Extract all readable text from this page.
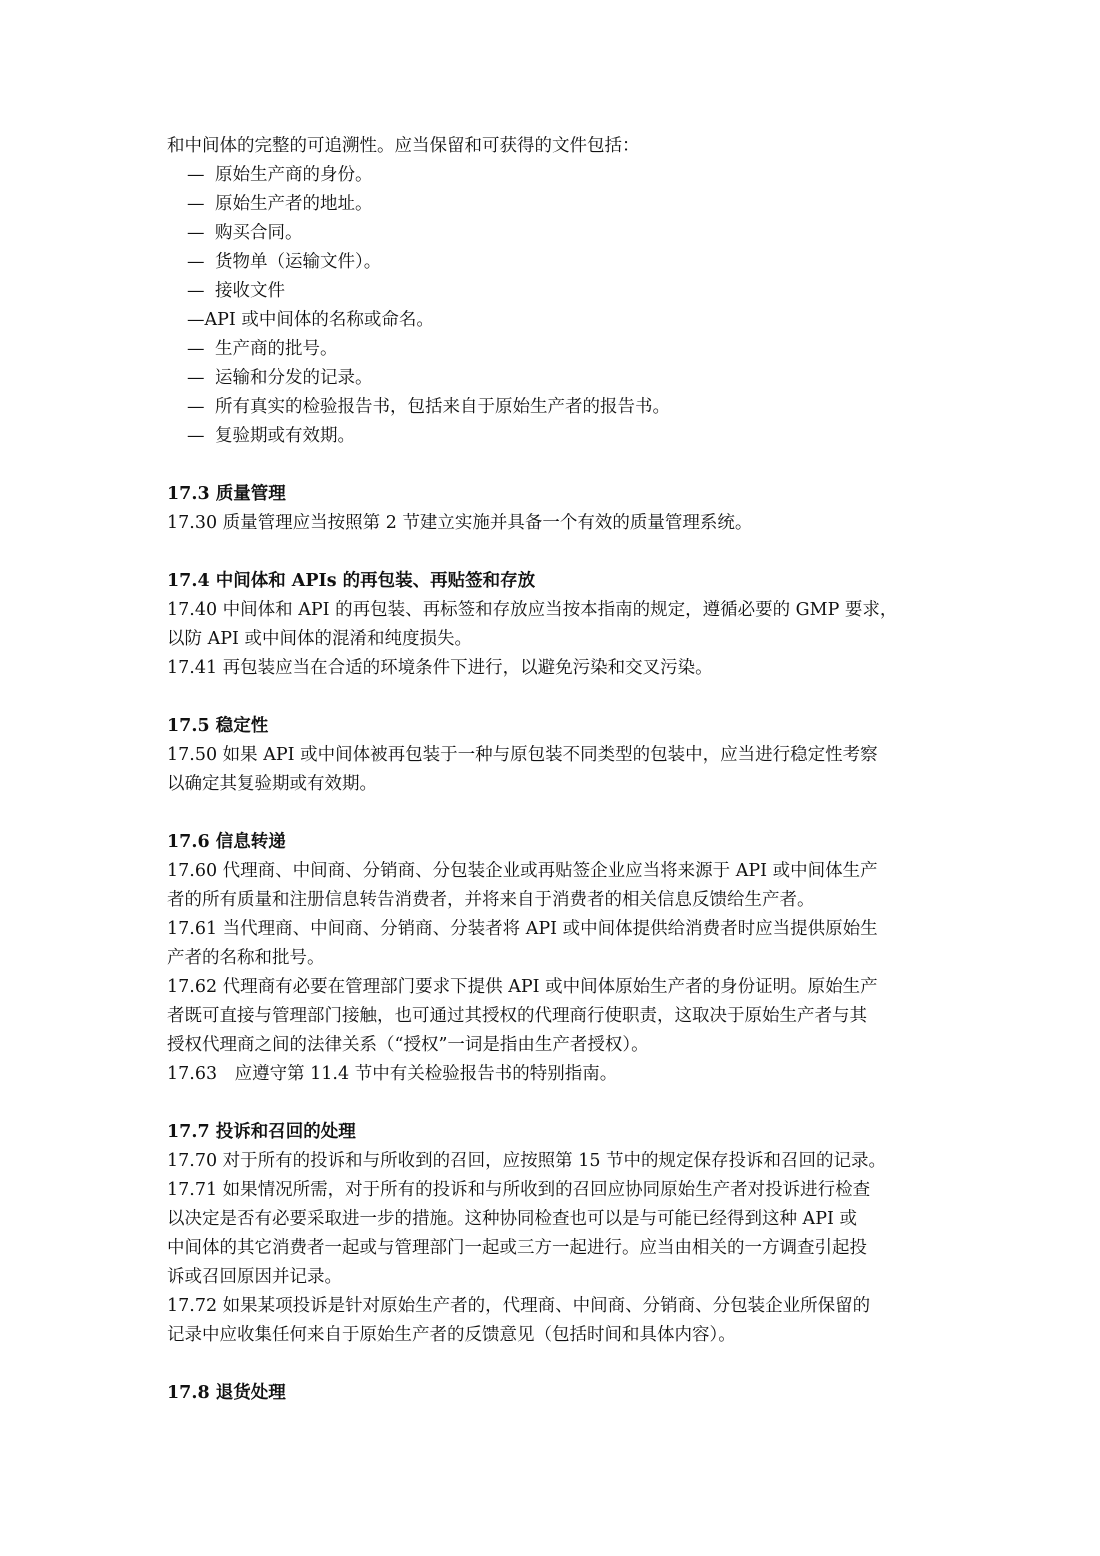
和中间体的完整的可追溯性。应当保留和可获得的文件包括：
— 原始生产商的身份。
— 原始生产者的地址。
— 购买合同。
— 货物单（运输文件）。
— 接收文件
—API 或中间体的名称或命名。
— 生产商的批号。
— 运输和分发的记录。
— 所有真实的检验报告书，包括来自于原始生产者的报告书。
— 复验期或有效期。
17.3 质量管理
17.30 质量管理应当按照第 2 节建立实施并具备一个有效的质量管理系统。
17.4 中间体和 APIs 的再包装、再贴签和存放
17.40 中间体和 API 的再包装、再标签和存放应当按本指南的规定，遵循必要的 GMP 要求，
以防 API 或中间体的混淆和纯度损失。
17.41 再包装应当在合适的环境条件下进行，以避免污染和交叉污染。
17.5 稳定性
17.50 如果 API 或中间体被再包装于一种与原包装不同类型的包装中，应当进行稳定性考察
以确定其复验期或有效期。
17.6 信息转递
17.60 代理商、中间商、分销商、分包装企业或再贴签企业应当将来源于 API 或中间体生产
者的所有质量和注册信息转告消费者，并将来自于消费者的相关信息反馈给生产者。
17.61 当代理商、中间商、分销商、分装者将 API 或中间体提供给消费者时应当提供原始生
产者的名称和批号。
17.62 代理商有必要在管理部门要求下提供 API 或中间体原始生产者的身份证明。原始生产
者既可直接与管理部门接触，也可通过其授权的代理商行使职责，这取决于原始生产者与其
授权代理商之间的法律关系（“授权”一词是指由生产者授权）。
17.63　应遵守第 11.4 节中有关检验报告书的特别指南。
17.7 投诉和召回的处理
17.70 对于所有的投诉和与所收到的召回，应按照第 15 节中的规定保存投诉和召回的记录。
17.71 如果情况所需，对于所有的投诉和与所收到的召回应协同原始生产者对投诉进行检查
以决定是否有必要采取进一步的措施。这种协同检查也可以是与可能已经得到这种 API 或
中间体的其它消费者一起或与管理部门一起或三方一起进行。应当由相关的一方调查引起投
诉或召回原因并记录。
17.72 如果某项投诉是针对原始生产者的，代理商、中间商、分销商、分包装企业所保留的
记录中应收集任何来自于原始生产者的反馈意见（包括时间和具体内容）。
17.8 退货处理
